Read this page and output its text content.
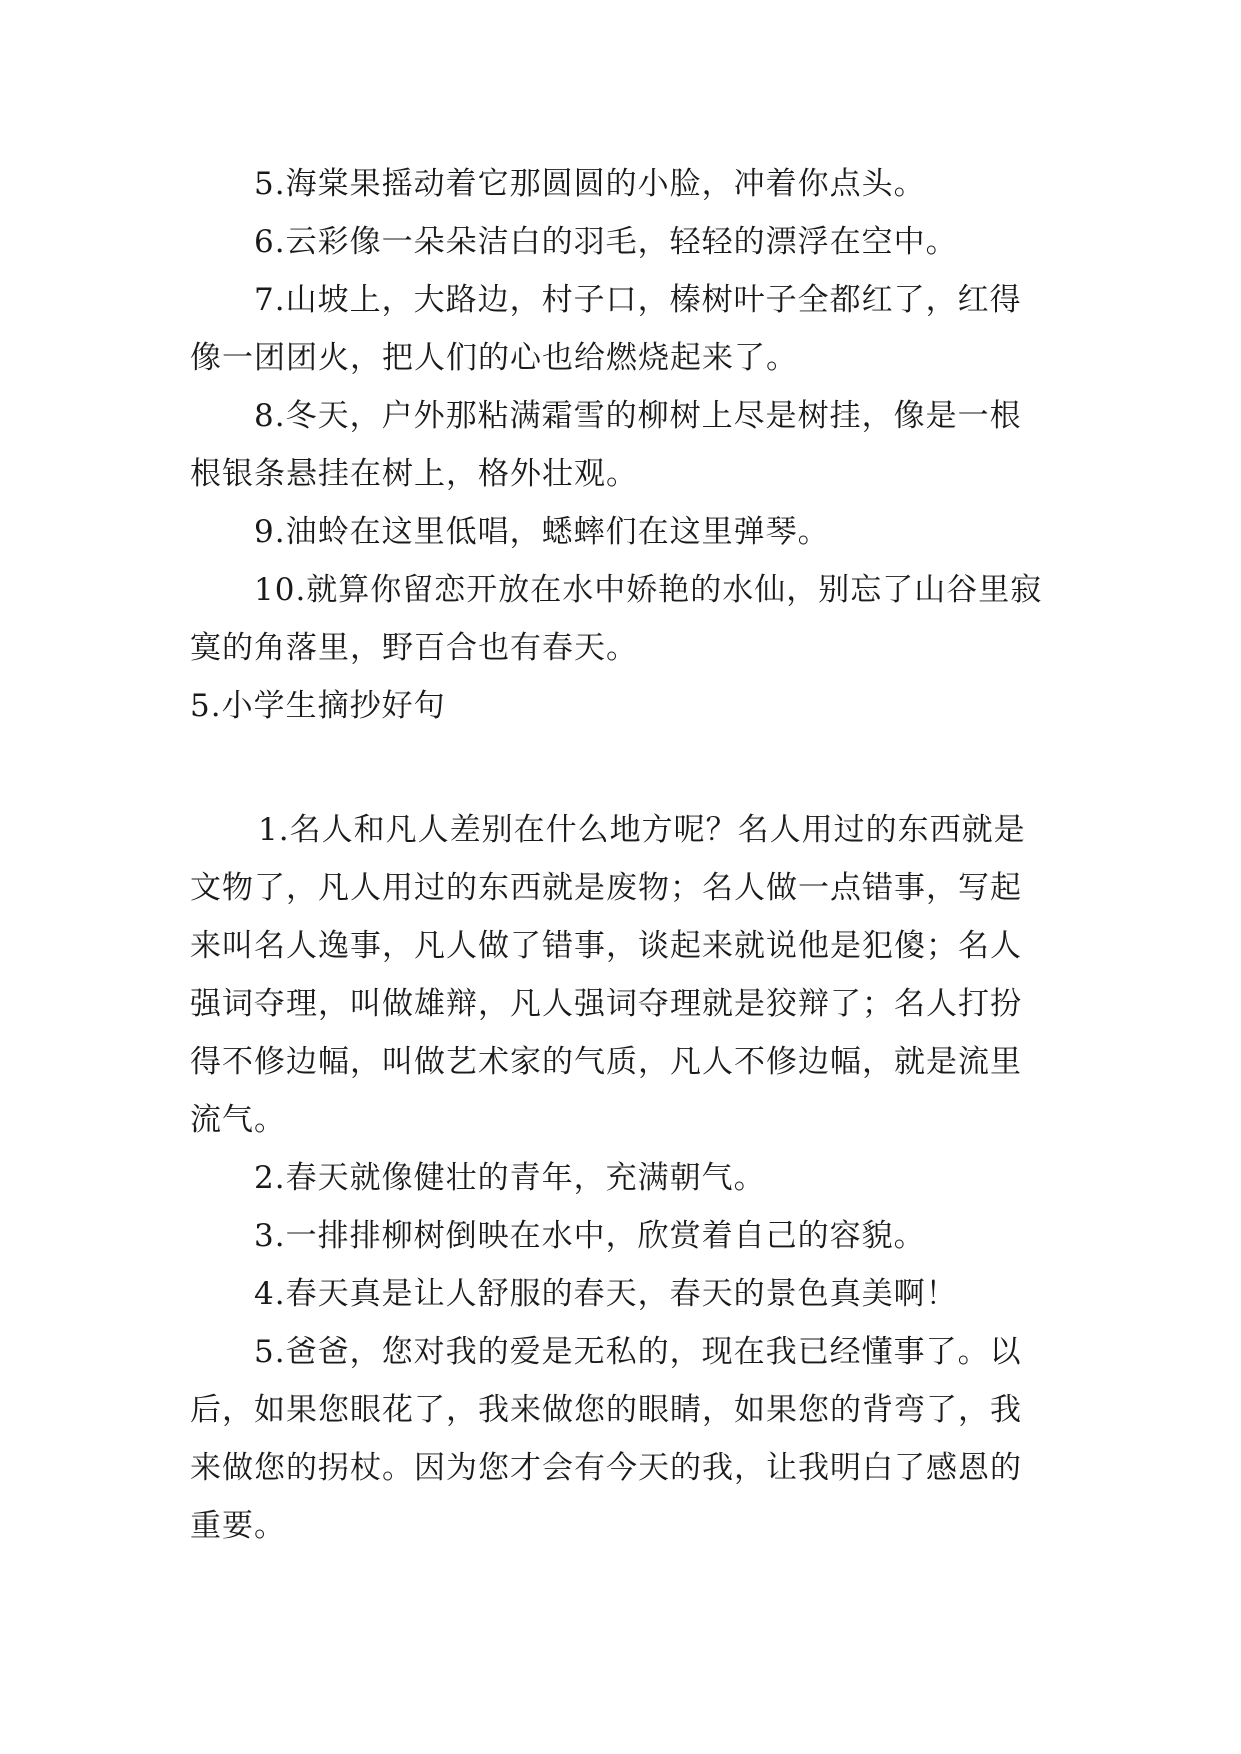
5.海棠果摇动着它那圆圆的小脸，冲着你点头。

6.云彩像一朵朵洁白的羽毛，轻轻的漂浮在空中。

7.山坡上，大路边，村子口，榛树叶子全都红了，红得像一团团火，把人们的心也给燃烧起来了。

8.冬天，户外那粘满霜雪的柳树上尽是树挂，像是一根根银条悬挂在树上，格外壮观。

9.油蛉在这里低唱，蟋蟀们在这里弹琴。

10.就算你留恋开放在水中娇艳的水仙，别忘了山谷里寂寞的角落里，野百合也有春天。

5.小学生摘抄好句

1.名人和凡人差别在什么地方呢？名人用过的东西就是文物了，凡人用过的东西就是废物；名人做一点错事，写起来叫名人逸事，凡人做了错事，谈起来就说他是犯傻；名人强词夺理，叫做雄辩，凡人强词夺理就是狡辩了；名人打扮得不修边幅，叫做艺术家的气质，凡人不修边幅，就是流里流气。

2.春天就像健壮的青年，充满朝气。

3.一排排柳树倒映在水中，欣赏着自己的容貌。

4.春天真是让人舒服的春天，春天的景色真美啊！

5.爸爸，您对我的爱是无私的，现在我已经懂事了。以后，如果您眼花了，我来做您的眼睛，如果您的背弯了，我来做您的拐杖。因为您才会有今天的我，让我明白了感恩的重要。
